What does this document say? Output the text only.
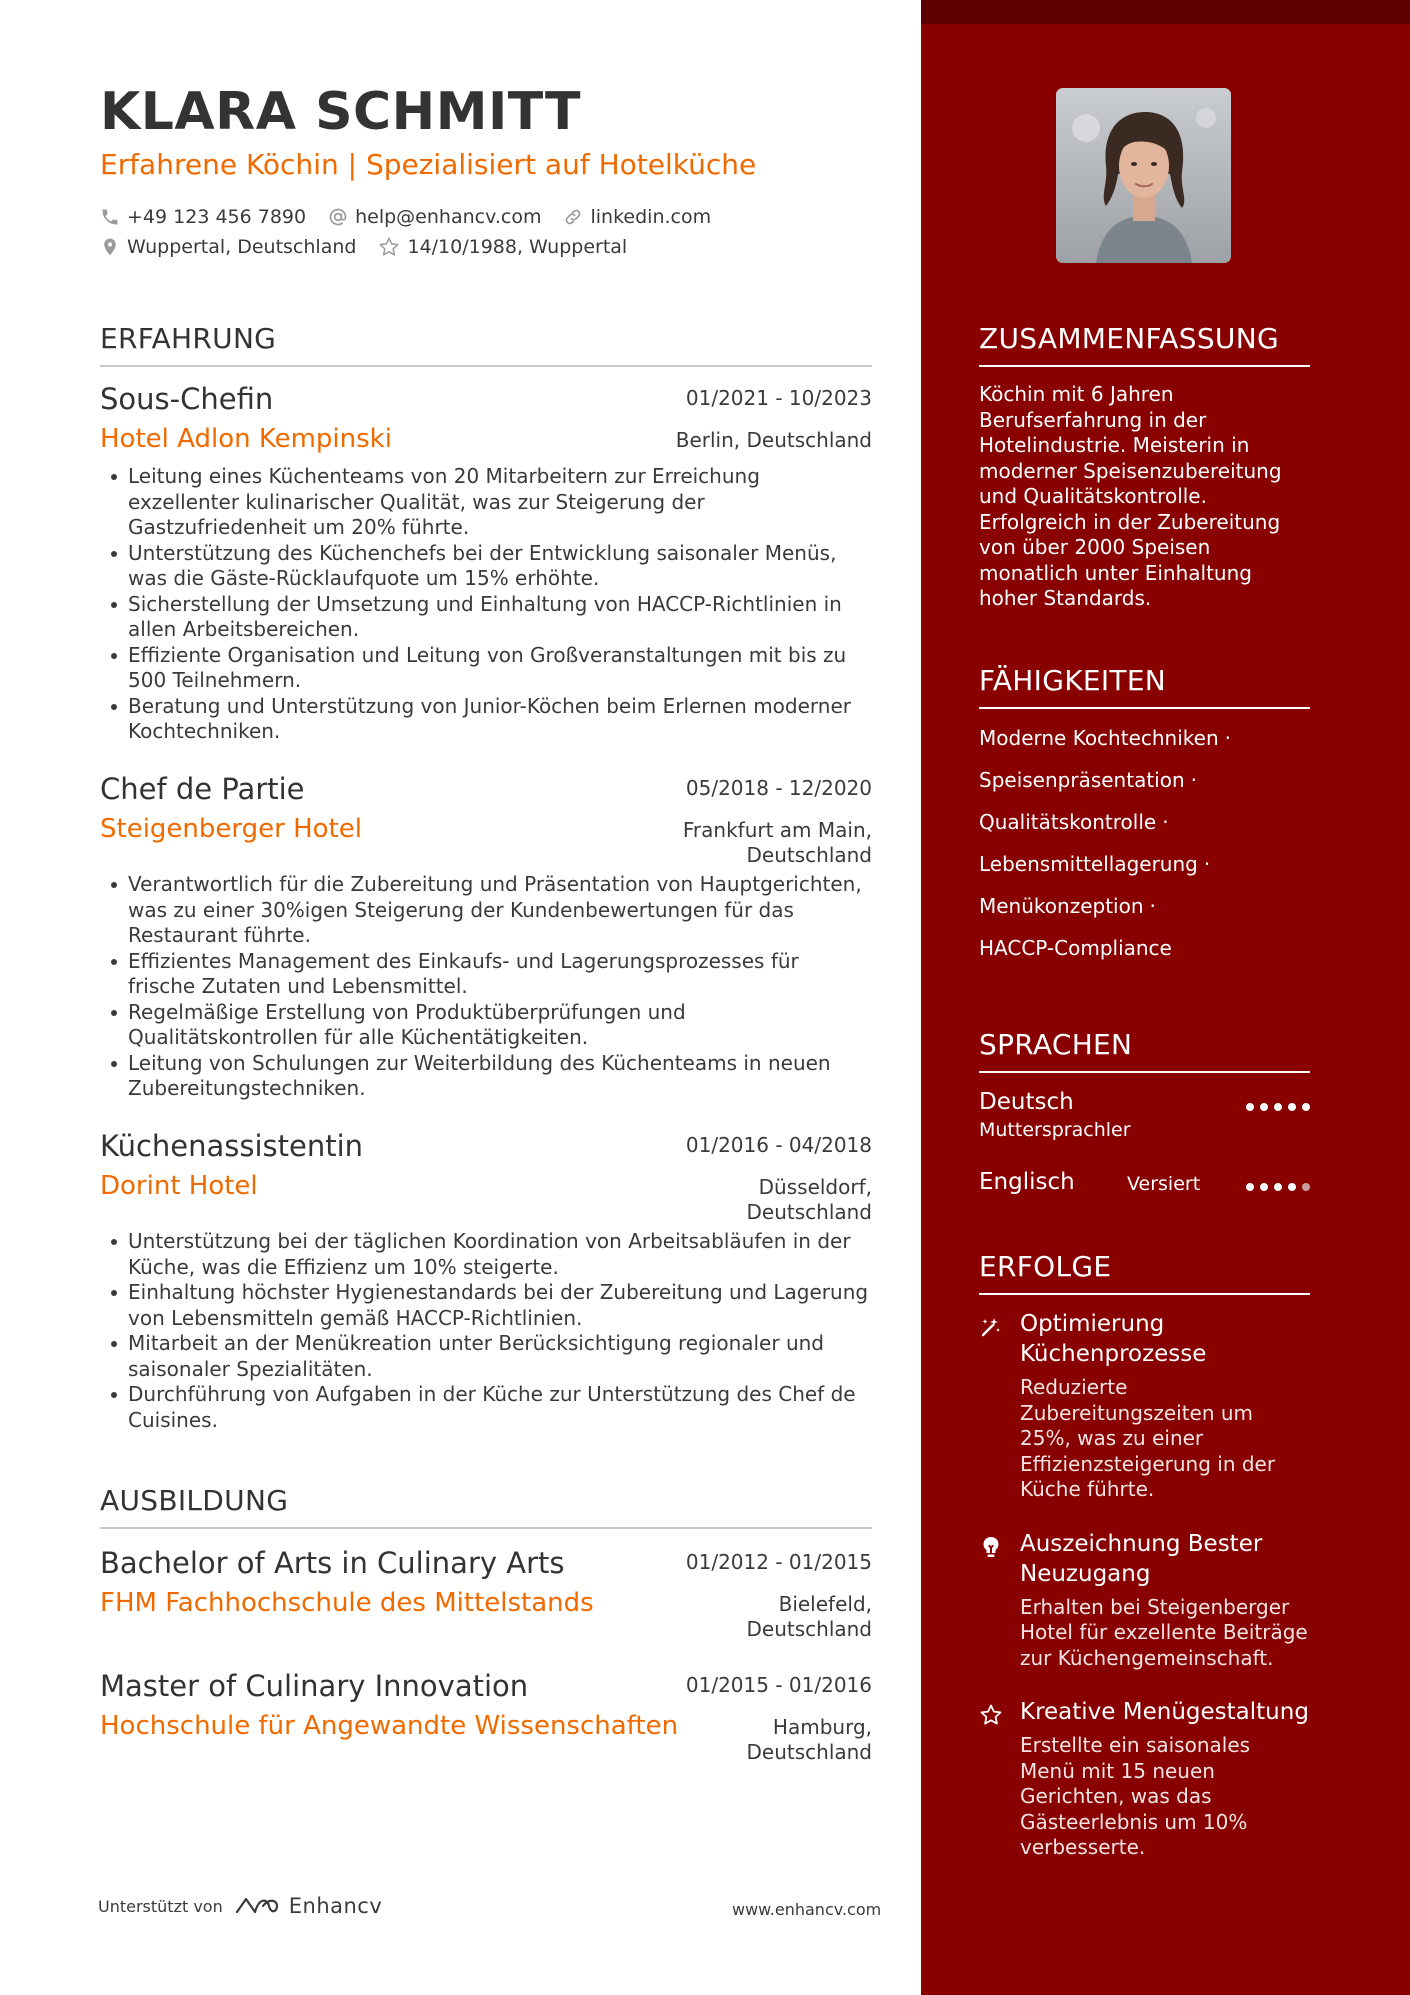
KLARA SCHMITT
Erfahrene Köchin | Spezialisiert auf Hotelküche
+49 123 456 7890	help@enhancv.com	linkedin.com
Wuppertal, Deutschland	14/10/1988, Wuppertal
ERFAHRUNG
Sous-Chefin	01/2021 - 10/2023
Hotel Adlon Kempinski	Berlin, Deutschland
Leitung eines Küchenteams von 20 Mitarbeitern zur Erreichung exzellenter kulinarischer Qualität, was zur Steigerung der Gastzufriedenheit um 20% führte.
Unterstützung des Küchenchefs bei der Entwicklung saisonaler Menüs, was die Gäste-Rücklaufquote um 15% erhöhte.
Sicherstellung der Umsetzung und Einhaltung von HACCP-Richtlinien in allen Arbeitsbereichen.
Effiziente Organisation und Leitung von Großveranstaltungen mit bis zu 500 Teilnehmern.
Beratung und Unterstützung von Junior-Köchen beim Erlernen moderner Kochtechniken.
Chef de Partie	05/2018 - 12/2020
Steigenberger Hotel	Frankfurt am Main, Deutschland
Verantwortlich für die Zubereitung und Präsentation von Hauptgerichten, was zu einer 30%igen Steigerung der Kundenbewertungen für das Restaurant führte.
Effizientes Management des Einkaufs- und Lagerungsprozesses für frische Zutaten und Lebensmittel.
Regelmäßige Erstellung von Produktüberprüfungen und Qualitätskontrollen für alle Küchentätigkeiten.
Leitung von Schulungen zur Weiterbildung des Küchenteams in neuen Zubereitungstechniken.
Küchenassistentin	01/2016 - 04/2018
Dorint Hotel	Düsseldorf, Deutschland
Unterstützung bei der täglichen Koordination von Arbeitsabläufen in der Küche, was die Effizienz um 10% steigerte.
Einhaltung höchster Hygienestandards bei der Zubereitung und Lagerung von Lebensmitteln gemäß HACCP-Richtlinien.
Mitarbeit an der Menükreation unter Berücksichtigung regionaler und saisonaler Spezialitäten.
Durchführung von Aufgaben in der Küche zur Unterstützung des Chef de Cuisines.
AUSBILDUNG
Bachelor of Arts in Culinary Arts	01/2012 - 01/2015
FHM Fachhochschule des Mittelstands	Bielefeld, Deutschland
Master of Culinary Innovation	01/2015 - 01/2016
Hochschule für Angewandte Wissenschaften	Hamburg, Deutschland
Unterstützt von	Enhancv	www.enhancv.com
ZUSAMMENFASSUNG
Köchin mit 6 Jahren Berufserfahrung in der Hotelindustrie. Meisterin in moderner Speisenzubereitung und Qualitätskontrolle. Erfolgreich in der Zubereitung von über 2000 Speisen monatlich unter Einhaltung hoher Standards.
FÄHIGKEITEN
Moderne Kochtechniken ·
Speisenpräsentation ·
Qualitätskontrolle ·
Lebensmittellagerung ·
Menükonzeption ·
HACCP-Compliance
SPRACHEN
Deutsch
Muttersprachler
Englisch	Versiert
ERFOLGE
Optimierung Küchenprozesse
Reduzierte Zubereitungszeiten um 25%, was zu einer Effizienzsteigerung in der Küche führte.
Auszeichnung Bester Neuzugang
Erhalten bei Steigenberger Hotel für exzellente Beiträge zur Küchengemeinschaft.
Kreative Menügestaltung
Erstellte ein saisonales Menü mit 15 neuen Gerichten, was das Gästeerlebnis um 10% verbesserte.
